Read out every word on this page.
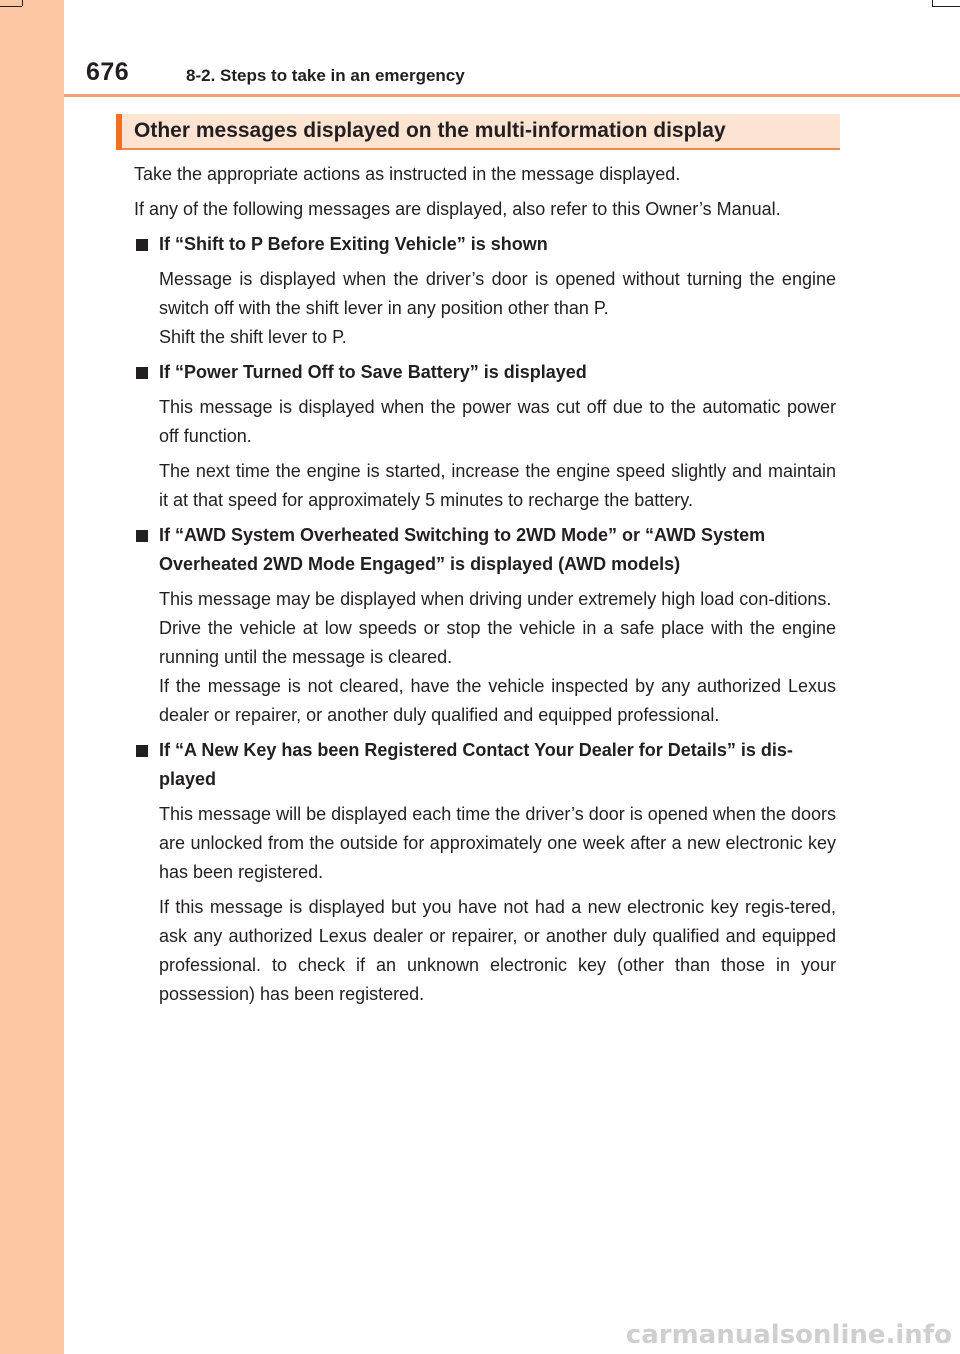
676	8-2. Steps to take in an emergency
Other messages displayed on the multi-information display

Take the appropriate actions as instructed in the message displayed.

If any of the following messages are displayed, also refer to this Owner’s Manual.

If “Shift to P Before Exiting Vehicle” is shown

Message is displayed when the driver’s door is opened without turning the engine switch off with the shift lever in any position other than P.
Shift the shift lever to P.

If “Power Turned Off to Save Battery” is displayed

This message is displayed when the power was cut off due to the automatic power off function.

The next time the engine is started, increase the engine speed slightly and maintain it at that speed for approximately 5 minutes to recharge the battery.

If “AWD System Overheated Switching to 2WD Mode” or “AWD System Overheated 2WD Mode Engaged” is displayed (AWD models)

This message may be displayed when driving under extremely high load con-ditions.
Drive the vehicle at low speeds or stop the vehicle in a safe place with the engine running until the message is cleared.
If the message is not cleared, have the vehicle inspected by any authorized Lexus dealer or repairer, or another duly qualified and equipped professional.

If “A New Key has been Registered Contact Your Dealer for Details” is dis-played

This message will be displayed each time the driver’s door is opened when the doors are unlocked from the outside for approximately one week after a new electronic key has been registered.

If this message is displayed but you have not had a new electronic key regis-tered, ask any authorized Lexus dealer or repairer, or another duly qualified and equipped professional. to check if an unknown electronic key (other than those in your possession) has been registered.

carmanualsonline.info
